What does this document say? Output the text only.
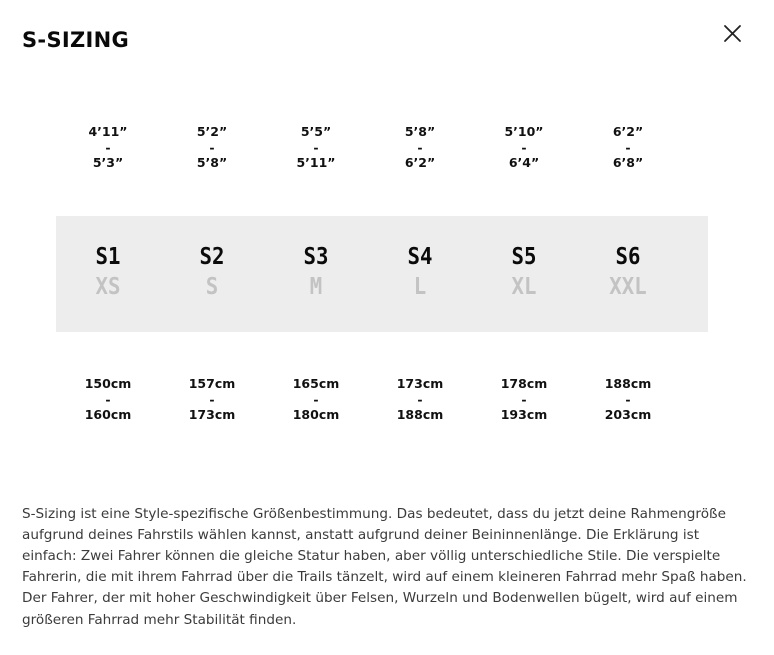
S-SIZING
4’11”
-
5’3”
5’2”
-
5’8”
5’5”
-
5’11”
5’8”
-
6’2”
5’10”
-
6’4”
6’2”
-
6’8”
S1
XS
S2
S
S3
M
S4
L
S5
XL
S6
XXL
150cm
-
160cm
157cm
-
173cm
165cm
-
180cm
173cm
-
188cm
178cm
-
193cm
188cm
-
203cm

S-Sizing ist eine Style-spezifische Größenbestimmung. Das bedeutet, dass du jetzt deine Rahmengröße aufgrund deines Fahrstils wählen kannst, anstatt aufgrund deiner Beininnenlänge. Die Erklärung ist einfach: Zwei Fahrer können die gleiche Statur haben, aber völlig unterschiedliche Stile. Die verspielte Fahrerin, die mit ihrem Fahrrad über die Trails tänzelt, wird auf einem kleineren Fahrrad mehr Spaß haben. Der Fahrer, der mit hoher Geschwindigkeit über Felsen, Wurzeln und Bodenwellen bügelt, wird auf einem größeren Fahrrad mehr Stabilität finden.
